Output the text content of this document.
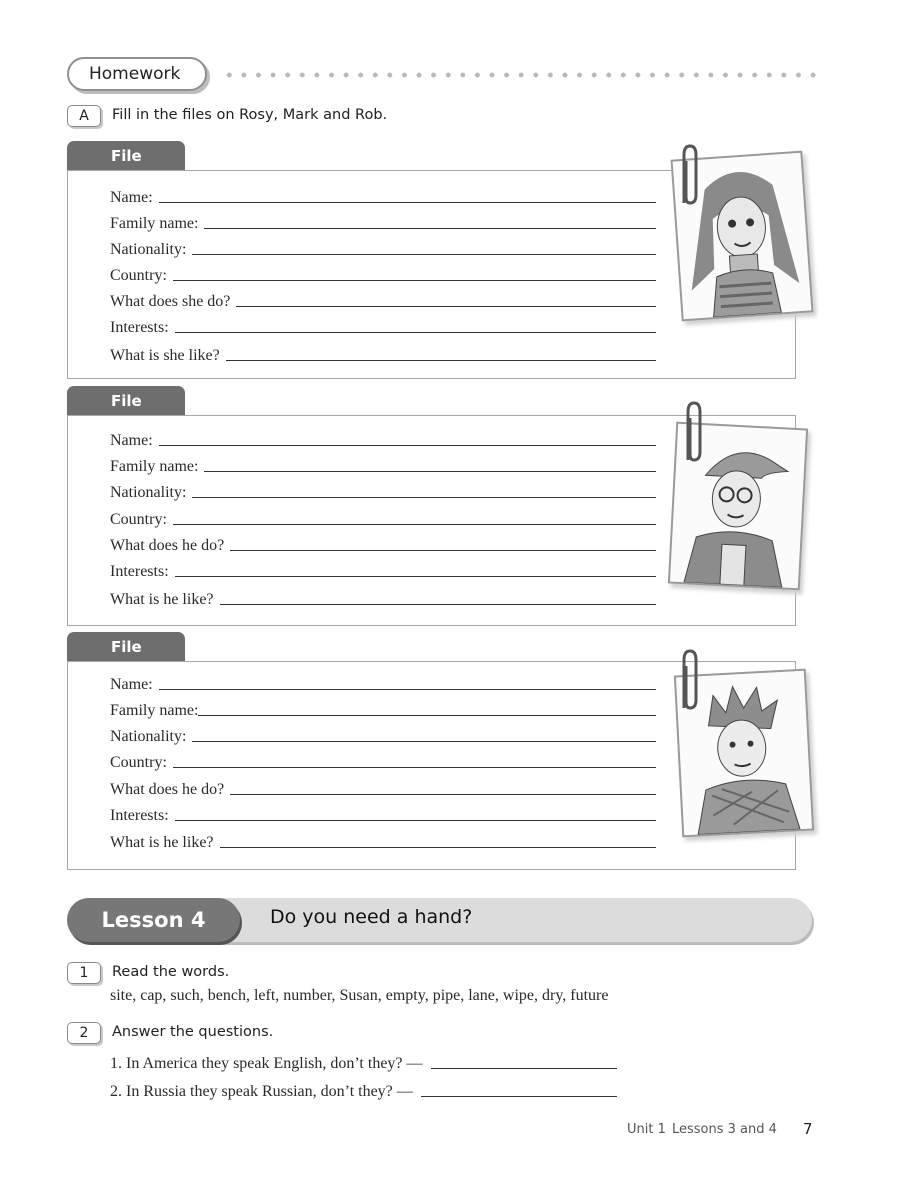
Homework
A	Fill in the files on Rosy, Mark and Rob.
File
Name:
Family name:
Nationality:
Country:
What does she do?
Interests:
What is she like?
File
Name:
Family name:
Nationality:
Country:
What does he do?
Interests:
What is he like?
File
Name:
Family name:
Nationality:
Country:
What does he do?
Interests:
What is he like?
Lesson 4	Do you need a hand?
1	Read the words.
site, cap, such, bench, left, number, Susan, empty, pipe, lane, wipe, dry, future
2	Answer the questions.
1. In America they speak English, don’t they? —
2. In Russia they speak Russian, don’t they? —
Unit 1 Lessons 3 and 4 7
